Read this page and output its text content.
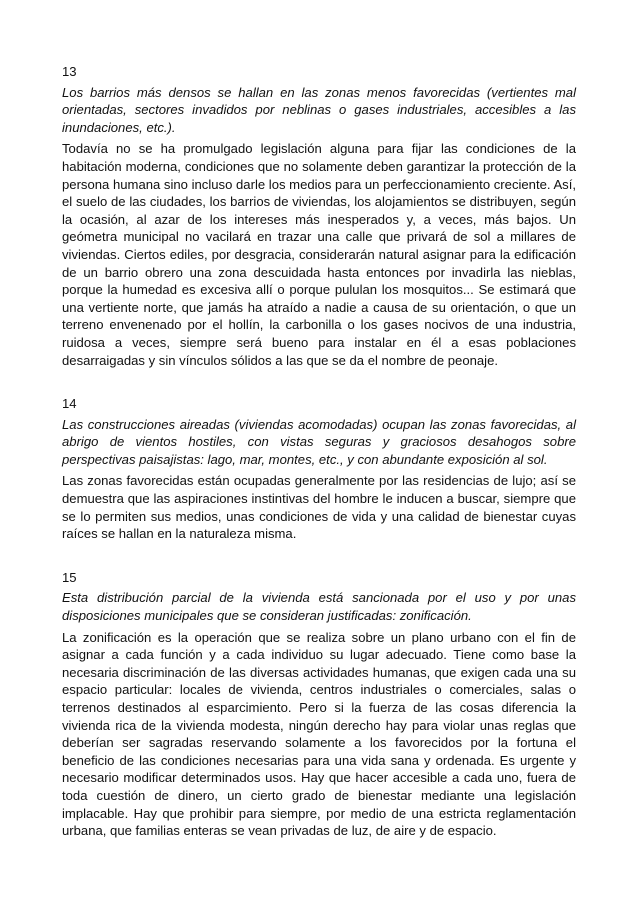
13

Los barrios más densos se hallan en las zonas menos favorecidas (vertientes mal orientadas, sectores invadidos por neblinas o gases industriales, accesibles a las inundaciones, etc.).

Todavía no se ha promulgado legislación alguna para fijar las condiciones de la habitación moderna, condiciones que no solamente deben garantizar la protección de la persona humana sino incluso darle los medios para un perfeccionamiento creciente. Así, el suelo de las ciudades, los barrios de viviendas, los alojamientos se distribuyen, según la ocasión, al azar de los intereses más inesperados y, a veces, más bajos. Un geómetra municipal no vacilará en trazar una calle que privará de sol a millares de viviendas. Ciertos ediles, por desgracia, considerarán natural asignar para la edificación de un barrio obrero una zona descuidada hasta entonces por invadirla las nieblas, porque la humedad es excesiva allí o porque pululan los mosquitos... Se estimará que una vertiente norte, que jamás ha atraído a nadie a causa de su orientación, o que un terreno envenenado por el hollín, la carbonilla o los gases nocivos de una industria, ruidosa a veces, siempre será bueno para instalar en él a esas poblaciones desarraigadas y sin vínculos sólidos a las que se da el nombre de peonaje.

14

Las construcciones aireadas (viviendas acomodadas) ocupan las zonas favorecidas, al abrigo de vientos hostiles, con vistas seguras y graciosos desahogos sobre perspectivas paisajistas: lago, mar, montes, etc., y con abundante exposición al sol.

Las zonas favorecidas están ocupadas generalmente por las residencias de lujo; así se demuestra que las aspiraciones instintivas del hombre le inducen a buscar, siempre que se lo permiten sus medios, unas condiciones de vida y una calidad de bienestar cuyas raíces se hallan en la naturaleza misma.

15

Esta distribución parcial de la vivienda está sancionada por el uso y por unas disposiciones municipales que se consideran justificadas: zonificación.

La zonificación es la operación que se realiza sobre un plano urbano con el fin de asignar a cada función y a cada individuo su lugar adecuado. Tiene como base la necesaria discriminación de las diversas actividades humanas, que exigen cada una su espacio particular: locales de vivienda, centros industriales o comerciales, salas o terrenos destinados al esparcimiento. Pero si la fuerza de las cosas diferencia la vivienda rica de la vivienda modesta, ningún derecho hay para violar unas reglas que deberían ser sagradas reservando solamente a los favorecidos por la fortuna el beneficio de las condiciones necesarias para una vida sana y ordenada. Es urgente y necesario modificar determinados usos. Hay que hacer accesible a cada uno, fuera de toda cuestión de dinero, un cierto grado de bienestar mediante una legislación implacable. Hay que prohibir para siempre, por medio de una estricta reglamentación urbana, que familias enteras se vean privadas de luz, de aire y de espacio.
